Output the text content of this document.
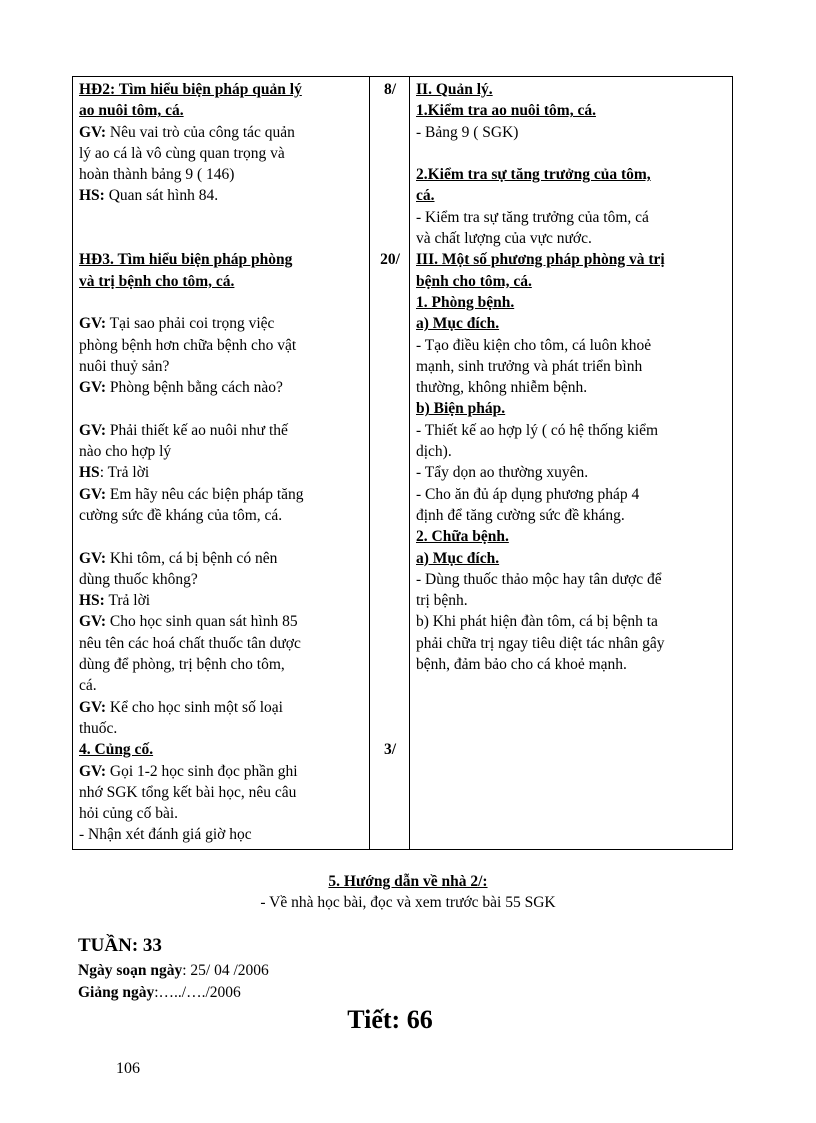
HĐ2: Tìm hiểu biện pháp quản lý
ao nuôi tôm, cá.
GV: Nêu vai trò của công tác quản
lý ao cá là vô cùng quan trọng và
hoàn thành bảng 9 ( 146)
HS: Quan sát hình 84.
HĐ3. Tìm hiểu biện pháp phòng
và trị bệnh cho tôm, cá.
GV: Tại sao phải coi trọng việc
phòng bệnh hơn chữa bệnh cho vật
nuôi thuỷ sản?
GV: Phòng bệnh bằng cách nào?
GV: Phải thiết kế ao nuôi như thế
nào cho hợp lý
HS: Trả lời
GV: Em hãy nêu các biện pháp tăng
cường sức đề kháng của tôm, cá.
GV: Khi tôm, cá bị bệnh có nên
dùng thuốc không?
HS: Trả lời
GV: Cho học sinh quan sát hình 85
nêu tên các hoá chất thuốc tân dược
dùng để phòng, trị bệnh cho tôm,
cá.
GV: Kể cho học sinh một số loại
thuốc.
4. Củng cố.
GV: Gọi 1-2 học sinh đọc phần ghi
nhớ SGK tổng kết bài học, nêu câu
hỏi củng cố bài.
- Nhận xét đánh giá giờ học
8/
20/
3/
II. Quản lý.
1.Kiểm tra ao nuôi tôm, cá.
- Bảng 9 ( SGK)
2.Kiểm tra sự tăng trưởng của tôm,
cá.
- Kiểm tra sự tăng trưởng của tôm, cá
và chất lượng của vực nước.
III. Một số phương pháp phòng và trị
bệnh cho tôm, cá.
1. Phòng bệnh.
a) Mục đích.
- Tạo điều kiện cho tôm, cá luôn khoẻ
mạnh, sinh trưởng và phát triển bình
thường, không nhiễm bệnh.
b) Biện pháp.
- Thiết kế ao hợp lý ( có hệ thống kiểm
dịch).
- Tẩy dọn ao thường xuyên.
- Cho ăn đủ áp dụng phương pháp 4
định để tăng cường sức đề kháng.
2. Chữa bệnh.
a) Mục đích.
- Dùng thuốc thảo mộc hay tân dược để
trị bệnh.
b) Khi phát hiện đàn tôm, cá bị bệnh ta
phải chữa trị ngay tiêu diệt tác nhân gây
bệnh, đảm bảo cho cá khoẻ mạnh.
5. Hướng dẫn về nhà 2/:
- Về nhà học bài, đọc và xem trước bài 55 SGK
TUẦN: 33
Ngày soạn ngày: 25/ 04 /2006
Giảng ngày:…../…./2006
Tiết: 66
106
